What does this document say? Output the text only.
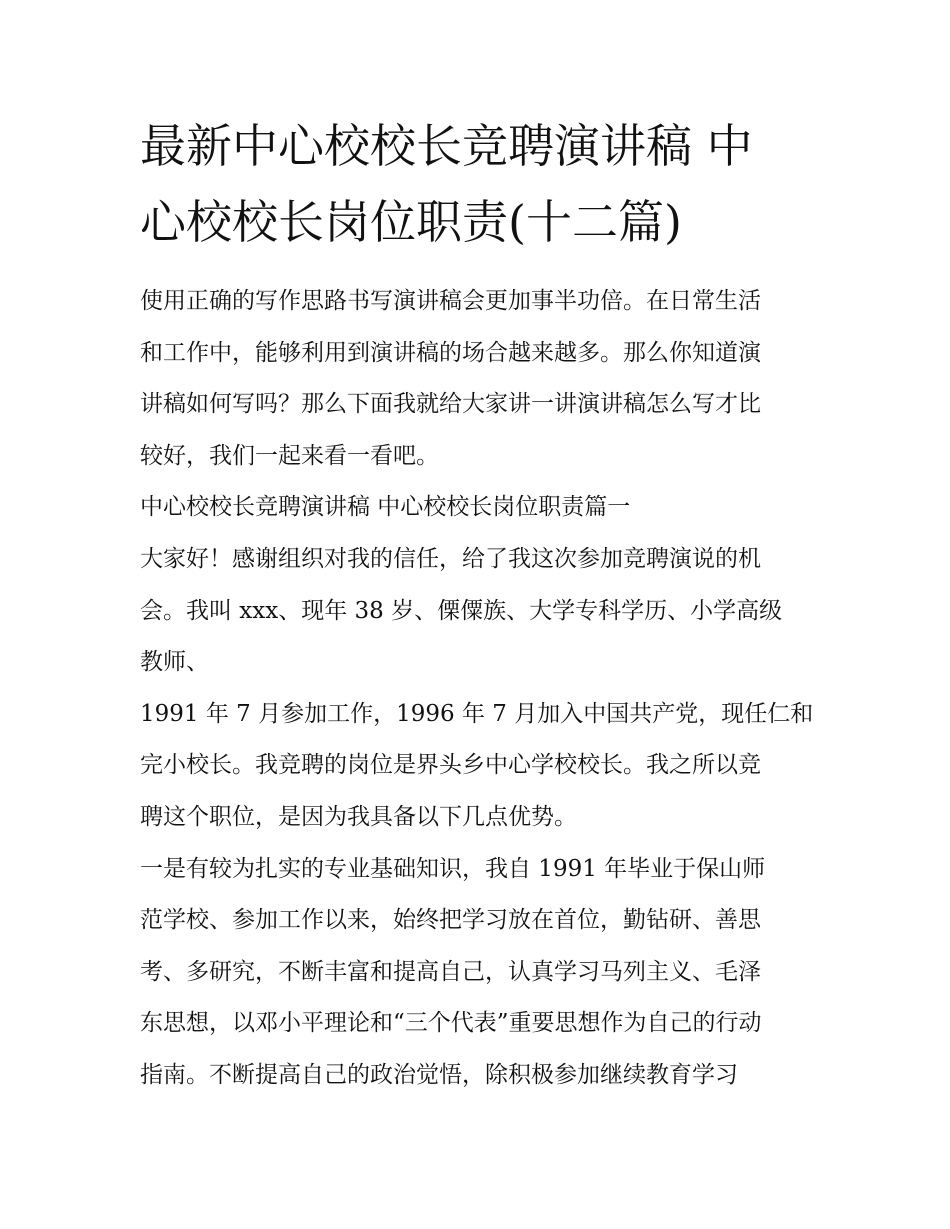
最新中心校校长竞聘演讲稿 中
心校校长岗位职责(十二篇)
使用正确的写作思路书写演讲稿会更加事半功倍。在日常生活
和工作中，能够利用到演讲稿的场合越来越多。那么你知道演
讲稿如何写吗？那么下面我就给大家讲一讲演讲稿怎么写才比
较好，我们一起来看一看吧。
中心校校长竞聘演讲稿 中心校校长岗位职责篇一
大家好！感谢组织对我的信任，给了我这次参加竞聘演说的机
会。我叫 xxx、现年 38 岁、傈僳族、大学专科学历、小学高级
教师、
1991 年 7 月参加工作，1996 年 7 月加入中国共产党，现任仁和
完小校长。我竞聘的岗位是界头乡中心学校校长。我之所以竞
聘这个职位，是因为我具备以下几点优势。
一是有较为扎实的专业基础知识，我自 1991 年毕业于保山师
范学校、参加工作以来，始终把学习放在首位，勤钻研、善思
考、多研究，不断丰富和提高自己，认真学习马列主义、毛泽
东思想，以邓小平理论和“三个代表”重要思想作为自己的行动
指南。不断提高自己的政治觉悟，除积极参加继续教育学习
